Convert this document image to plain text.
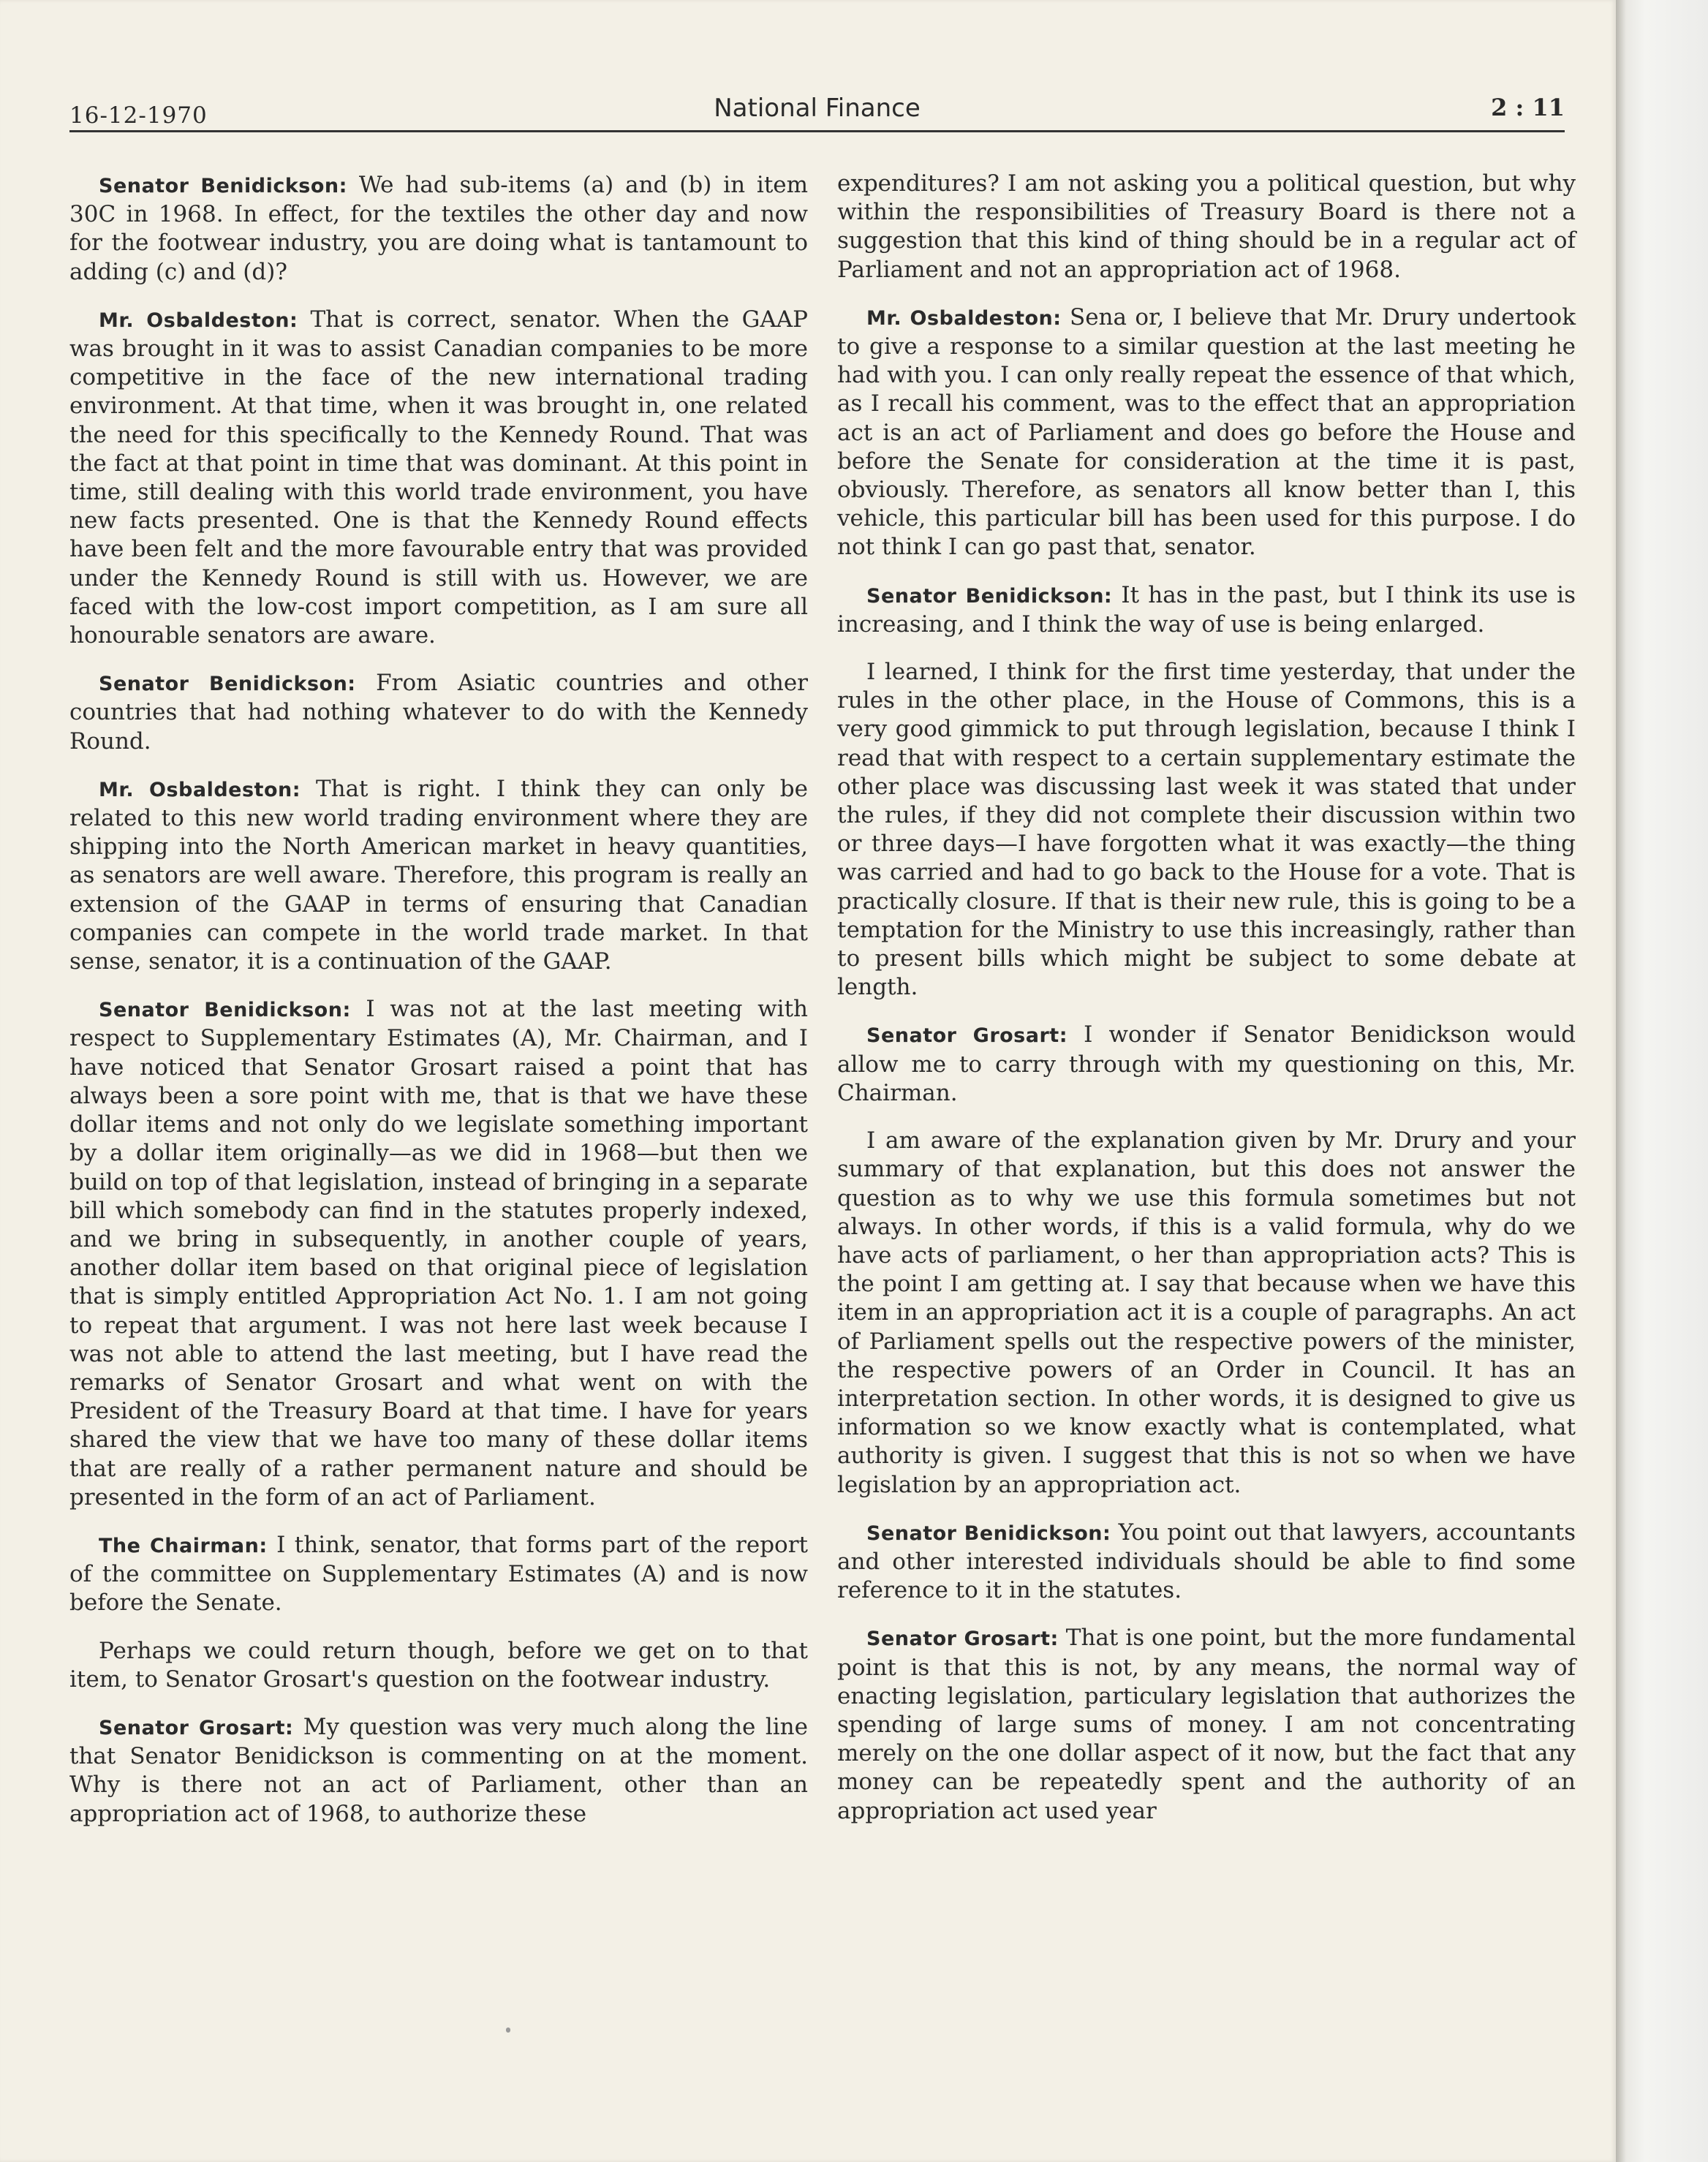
16-12-1970	National Finance	2 : 11

Senator Benidickson: We had sub-items (a) and (b) in item 30C in 1968. In effect, for the textiles the other day and now for the footwear industry, you are doing what is tantamount to adding (c) and (d)?

Mr. Osbaldeston: That is correct, senator. When the GAAP was brought in it was to assist Canadian companies to be more competitive in the face of the new international trading environment. At that time, when it was brought in, one related the need for this specifically to the Kennedy Round. That was the fact at that point in time that was dominant. At this point in time, still dealing with this world trade environment, you have new facts presented. One is that the Kennedy Round effects have been felt and the more favourable entry that was provided under the Kennedy Round is still with us. However, we are faced with the low-cost import competition, as I am sure all honourable senators are aware.

Senator Benidickson: From Asiatic countries and other countries that had nothing whatever to do with the Kennedy Round.

Mr. Osbaldeston: That is right. I think they can only be related to this new world trading environment where they are shipping into the North American market in heavy quantities, as senators are well aware. Therefore, this program is really an extension of the GAAP in terms of ensuring that Canadian companies can compete in the world trade market. In that sense, senator, it is a continuation of the GAAP.

Senator Benidickson: I was not at the last meeting with respect to Supplementary Estimates (A), Mr. Chairman, and I have noticed that Senator Grosart raised a point that has always been a sore point with me, that is that we have these dollar items and not only do we legislate something important by a dollar item originally—as we did in 1968—but then we build on top of that legislation, instead of bringing in a separate bill which somebody can find in the statutes properly indexed, and we bring in subsequently, in another couple of years, another dollar item based on that original piece of legislation that is simply entitled Appropriation Act No. 1. I am not going to repeat that argument. I was not here last week because I was not able to attend the last meeting, but I have read the remarks of Senator Grosart and what went on with the President of the Treasury Board at that time. I have for years shared the view that we have too many of these dollar items that are really of a rather permanent nature and should be presented in the form of an act of Parliament.

The Chairman: I think, senator, that forms part of the report of the committee on Supplementary Estimates (A) and is now before the Senate.

Perhaps we could return though, before we get on to that item, to Senator Grosart's question on the footwear industry.

Senator Grosart: My question was very much along the line that Senator Benidickson is commenting on at the moment. Why is there not an act of Parliament, other than an appropriation act of 1968, to authorize these

expenditures? I am not asking you a political question, but why within the responsibilities of Treasury Board is there not a suggestion that this kind of thing should be in a regular act of Parliament and not an appropriation act of 1968.

Mr. Osbaldeston: Sena or, I believe that Mr. Drury undertook to give a response to a similar question at the last meeting he had with you. I can only really repeat the essence of that which, as I recall his comment, was to the effect that an appropriation act is an act of Parliament and does go before the House and before the Senate for consideration at the time it is past, obviously. Therefore, as senators all know better than I, this vehicle, this particular bill has been used for this purpose. I do not think I can go past that, senator.

Senator Benidickson: It has in the past, but I think its use is increasing, and I think the way of use is being enlarged.

I learned, I think for the first time yesterday, that under the rules in the other place, in the House of Commons, this is a very good gimmick to put through legislation, because I think I read that with respect to a certain supplementary estimate the other place was discussing last week it was stated that under the rules, if they did not complete their discussion within two or three days—I have forgotten what it was exactly—the thing was carried and had to go back to the House for a vote. That is practically closure. If that is their new rule, this is going to be a temptation for the Ministry to use this increasingly, rather than to present bills which might be subject to some debate at length.

Senator Grosart: I wonder if Senator Benidickson would allow me to carry through with my questioning on this, Mr. Chairman.

I am aware of the explanation given by Mr. Drury and your summary of that explanation, but this does not answer the question as to why we use this formula sometimes but not always. In other words, if this is a valid formula, why do we have acts of parliament, o her than appropriation acts? This is the point I am getting at. I say that because when we have this item in an appropriation act it is a couple of paragraphs. An act of Parliament spells out the respective powers of the minister, the respective powers of an Order in Council. It has an interpretation section. In other words, it is designed to give us information so we know exactly what is contemplated, what authority is given. I suggest that this is not so when we have legislation by an appropriation act.

Senator Benidickson: You point out that lawyers, accountants and other interested individuals should be able to find some reference to it in the statutes.

Senator Grosart: That is one point, but the more fundamental point is that this is not, by any means, the normal way of enacting legislation, particulary legislation that authorizes the spending of large sums of money. I am not concentrating merely on the one dollar aspect of it now, but the fact that any money can be repeatedly spent and the authority of an appropriation act used year
